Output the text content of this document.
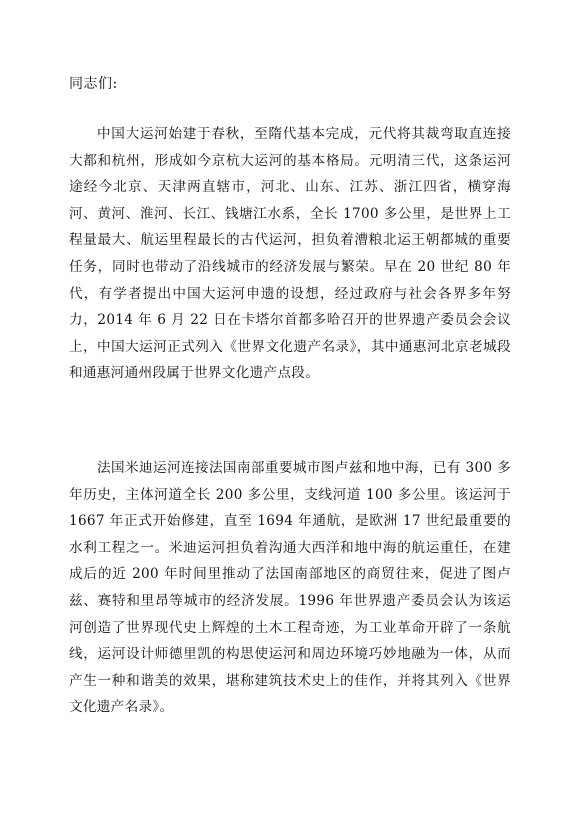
同志们:

中国大运河始建于春秋，至隋代基本完成，元代将其裁弯取直连接大都和杭州，形成如今京杭大运河的基本格局。元明清三代，这条运河途经今北京、天津两直辖市，河北、山东、江苏、浙江四省，横穿海河、黄河、淮河、长江、钱塘江水系，全长 1700 多公里，是世界上工程量最大、航运里程最长的古代运河，担负着漕粮北运王朝都城的重要任务，同时也带动了沿线城市的经济发展与繁荣。早在 20 世纪 80 年代，有学者提出中国大运河申遗的设想，经过政府与社会各界多年努力，2014 年 6 月 22 日在卡塔尔首都多哈召开的世界遗产委员会会议上，中国大运河正式列入《世界文化遗产名录》，其中通惠河北京老城段和通惠河通州段属于世界文化遗产点段。

法国米迪运河连接法国南部重要城市图卢兹和地中海，已有 300 多年历史，主体河道全长 200 多公里，支线河道 100 多公里。该运河于 1667 年正式开始修建，直至 1694 年通航，是欧洲 17 世纪最重要的水利工程之一。米迪运河担负着沟通大西洋和地中海的航运重任，在建成后的近 200 年时间里推动了法国南部地区的商贸往来，促进了图卢兹、赛特和里昂等城市的经济发展。1996 年世界遗产委员会认为该运河创造了世界现代史上辉煌的土木工程奇迹，为工业革命开辟了一条航线，运河设计师德里凯的构思使运河和周边环境巧妙地融为一体，从而产生一种和谐美的效果，堪称建筑技术史上的佳作，并将其列入《世界文化遗产名录》。
